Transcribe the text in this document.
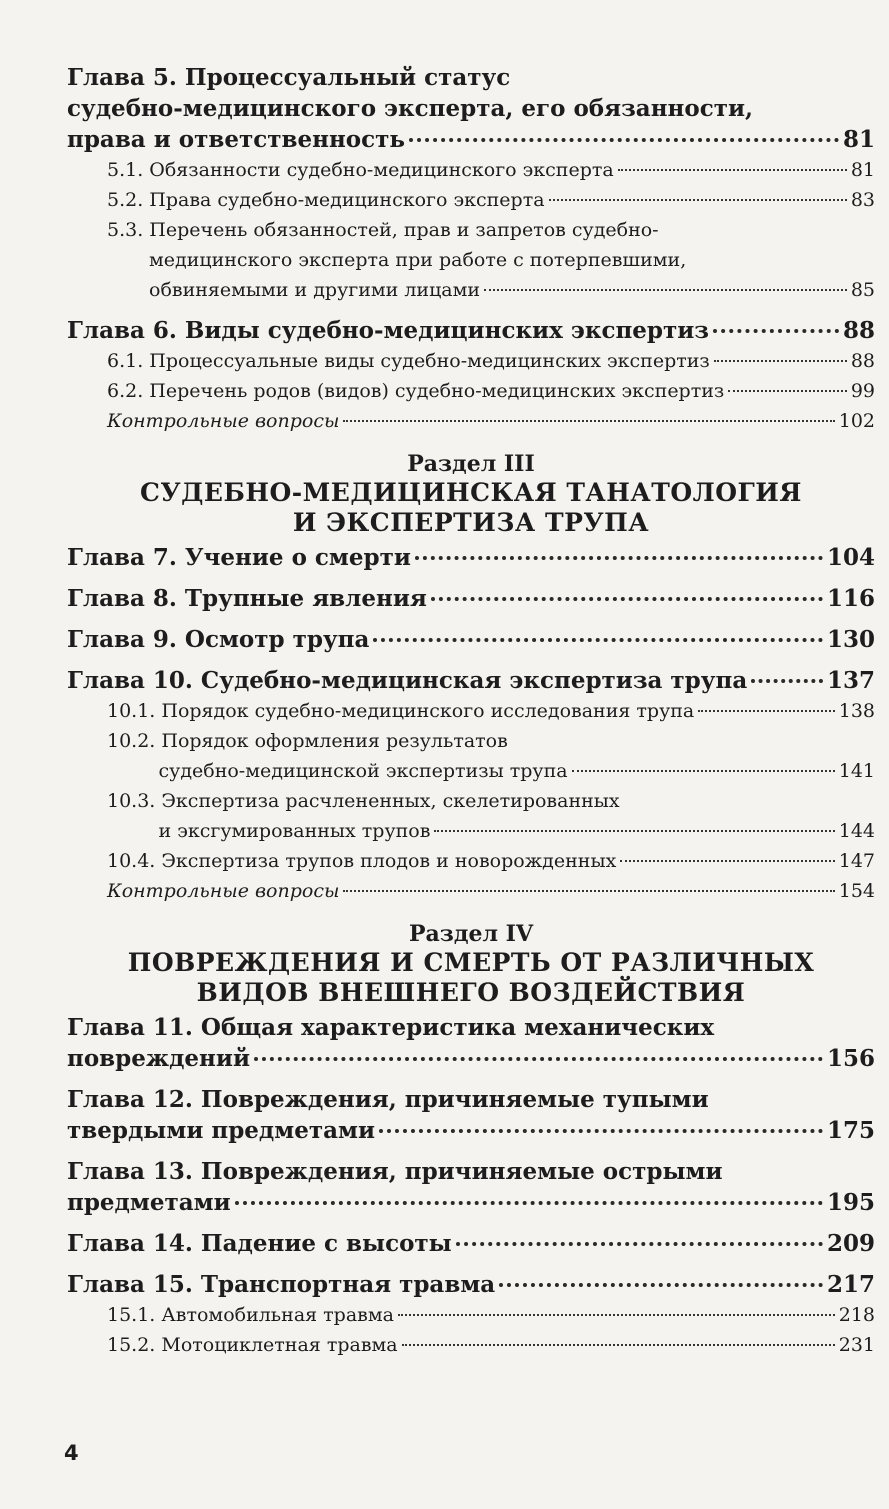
Глава 5. Процессуальный статус
судебно-медицинского эксперта, его обязанности,
права и ответственность	81
5.1. Обязанности судебно-медицинского эксперта	81
5.2. Права судебно-медицинского эксперта	83
5.3. Перечень обязанностей, прав и запретов судебно-
медицинского эксперта при работе с потерпевшими,
обвиняемыми и другими лицами	85
Глава 6. Виды судебно-медицинских экспертиз	88
6.1. Процессуальные виды судебно-медицинских экспертиз	88
6.2. Перечень родов (видов) судебно-медицинских экспертиз	99
Контрольные вопросы	102
Раздел III
СУДЕБНО-МЕДИЦИНСКАЯ ТАНАТОЛОГИЯ
И ЭКСПЕРТИЗА ТРУПА
Глава 7. Учение о смерти	104
Глава 8. Трупные явления	116
Глава 9. Осмотр трупа	130
Глава 10. Судебно-медицинская экспертиза трупа	137
10.1. Порядок судебно-медицинского исследования трупа	138
10.2. Порядок оформления результатов
судебно-медицинской экспертизы трупа	141
10.3. Экспертиза расчлененных, скелетированных
и эксгумированных трупов	144
10.4. Экспертиза трупов плодов и новорожденных	147
Контрольные вопросы	154
Раздел IV
ПОВРЕЖДЕНИЯ И СМЕРТЬ ОТ РАЗЛИЧНЫХ
ВИДОВ ВНЕШНЕГО ВОЗДЕЙСТВИЯ
Глава 11. Общая характеристика механических
повреждений	156
Глава 12. Повреждения, причиняемые тупыми
твердыми предметами	175
Глава 13. Повреждения, причиняемые острыми
предметами	195
Глава 14. Падение с высоты	209
Глава 15. Транспортная травма	217
15.1. Автомобильная травма	218
15.2. Мотоциклетная травма	231
4
